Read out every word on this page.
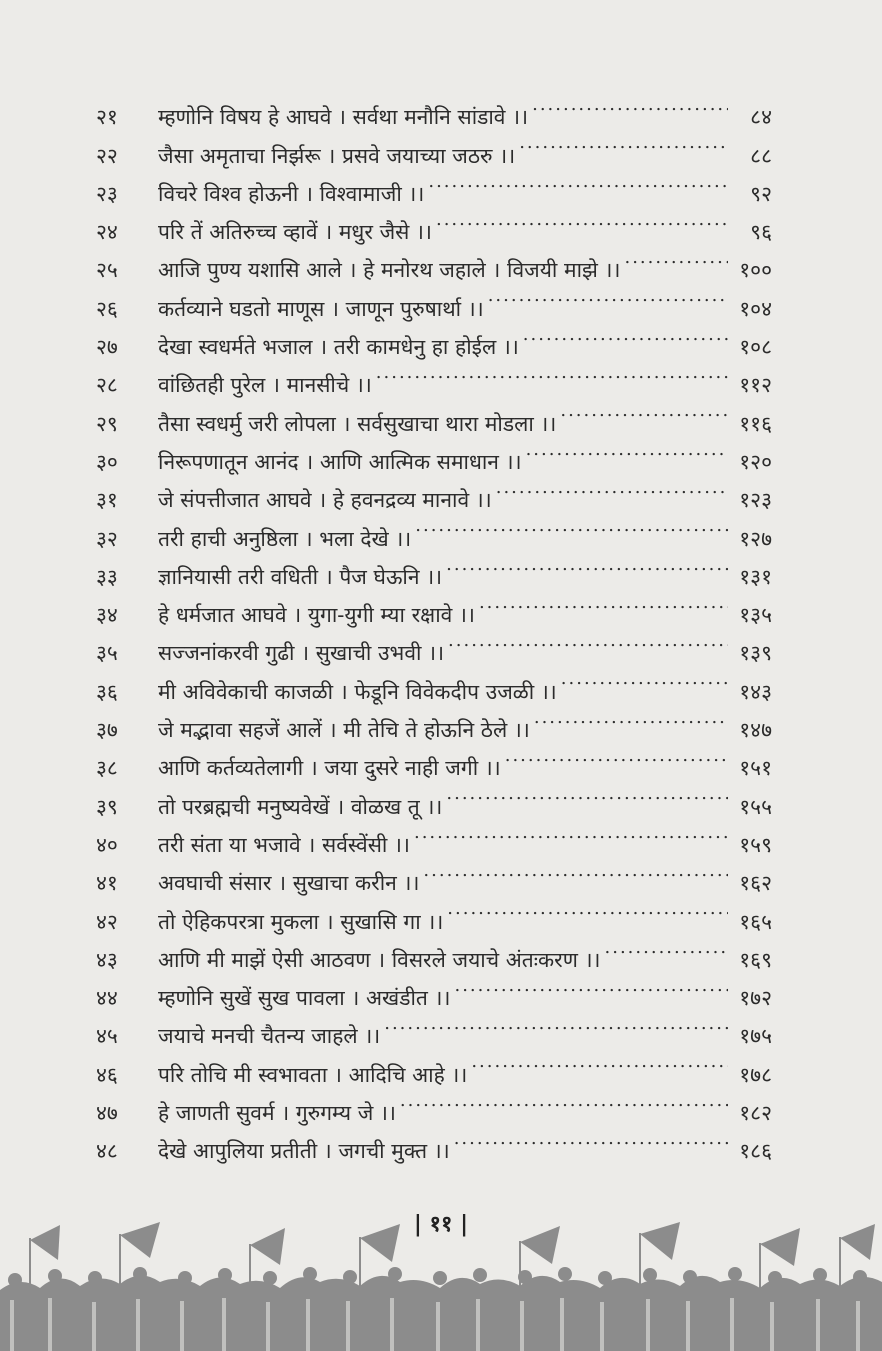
२१	म्हणोनि विषय हे आघवे । सर्वथा मनौनि सांडावे ।। .....	८४
२२	जैसा अमृताचा निर्झरू । प्रसवे जयाच्या जठरु ।। .....	८८
२३	विचरे विश्व होऊनी । विश्वामाजी ।। .....	९२
२४	परि तें अतिरुच्च व्हावें । मधुर जैसे ।। .....	९६
२५	आजि पुण्य यशासि आले । हे मनोरथ जहाले । विजयी माझे ।। .....	१००
२६	कर्तव्याने घडतो माणूस । जाणून पुरुषार्था ।। .....	१०४
२७	देखा स्वधर्मते भजाल । तरी कामधेनु हा होईल ।। .....	१०८
२८	वांछितही पुरेल । मानसीचे ।। .....	११२
२९	तैसा स्वधर्मु जरी लोपला । सर्वसुखाचा थारा मोडला ।। .....	११६
३०	निरूपणातून आनंद । आणि आत्मिक समाधान ।। .....	१२०
३१	जे संपत्तीजात आघवे । हे हवनद्रव्य मानावे ।। .....	१२३
३२	तरी हाची अनुष्ठिला । भला देखे ।। .....	१२७
३३	ज्ञानियासी तरी वधिती । पैज घेऊनि ।। .....	१३१
३४	हे धर्मजात आघवे । युगा-युगी म्या रक्षावे ।। .....	१३५
३५	सज्जनांकरवी गुढी । सुखाची उभवी ।। .....	१३९
३६	मी अविवेकाची काजळी । फेडूनि विवेकदीप उजळी ।। .....	१४३
३७	जे मद्भावा सहजें आलें । मी तेचि ते होऊनि ठेले ।। .....	१४७
३८	आणि कर्तव्यतेलागी । जया दुसरे नाही जगी ।। .....	१५१
३९	तो परब्रह्मची मनुष्यवेखें । वोळख तू ।। .....	१५५
४०	तरी संता या भजावे । सर्वस्वेंसी ।। .....	१५९
४१	अवघाची संसार । सुखाचा करीन ।। .....	१६२
४२	तो ऐहिकपरत्रा मुकला । सुखासि गा ।। .....	१६५
४३	आणि मी माझें ऐसी आठवण । विसरले जयाचे अंतःकरण ।। .....	१६९
४४	म्हणोनि सुखें सुख पावला । अखंडीत ।। .....	१७२
४५	जयाचे मनची चैतन्य जाहले ।। .....	१७५
४६	परि तोचि मी स्वभावता । आदिचि आहे ।। .....	१७८
४७	हे जाणती सुवर्म । गुरुगम्य जे ।। .....	१८२
४८	देखे आपुलिया प्रतीती । जगची मुक्त ।। .....	१८६
| ११ |
